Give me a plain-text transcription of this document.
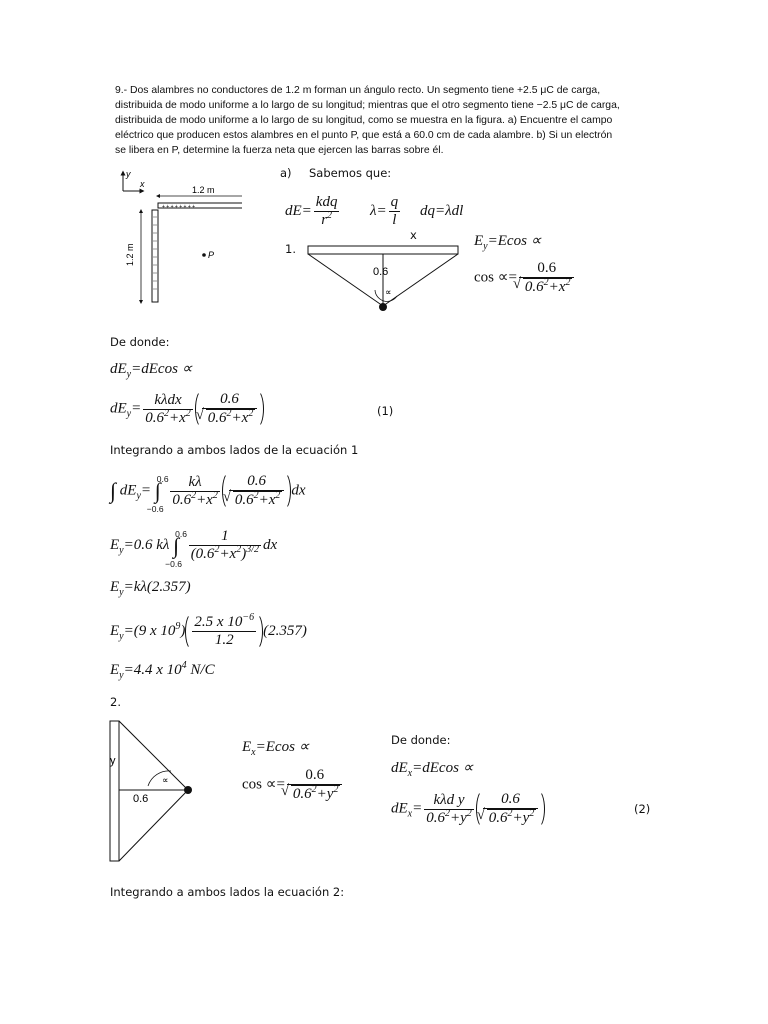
9.- Dos alambres no conductores de 1.2 m forman un ángulo recto. Un segmento tiene +2.5 μC de carga,

distribuida de modo uniforme a lo largo de su longitud; mientras que el otro segmento tiene −2.5 μC de carga,

distribuida de modo uniforme a lo largo de su longitud, como se muestra en la figura. a) Encuentre el campo

eléctrico que producen estos alambres en el punto P, que está a 60.0 cm de cada alambre. b) Si un electrón

se libera en P, determine la fuerza neta que ejercen las barras sobre él.

y
x
1.2 m
+ + + + + + + +
1.2 m	P
a) Sabemos que:
$dE= \frac{\text{kdq}}{r^2} \lambda= \frac{q}{l} dq=\lambda dl$
1.
x
0.6
∝
$E_y=Ecos$ ∝
cos ∝= 0.6
√ $0.6^2+x^2$
De donde:
$dE_y=dEcos$ ∝
$dE_y= \frac{\text{kλdx}}{0.6^2+x^2} 0.6$
√ $0.6^2+x^2$	(1)
Integrando a ambos lados de la ecuación 1
∫ $dE_y=$ ∫
0.6
−0.6

$\frac{k\lambda}{0.6^2+x^2} 0.6$
√ $0.6^2+x^2$ dx
$E_y=0.6$ kλ ∫
0.6
−0.6

$\frac{1}{(0.6^2+x^2)^{3/2}}$ dx
$E_y=k\lambda(2.357)$
$E_y=(9$ x $10^9) \frac{2.5 x 10^{-6}}{1.2} (2.357)$
$E_y=4.4$ x $10^4$ N/C
2.
y
∝
0.6
$E_x=Ecos$ ∝
cos ∝= 0.6
√ $0.6^2+y^2$
De donde:
$dE_x=dEcos$ ∝
$dE_x= \frac{\text{kλd y}}{0.6^2+y^2} 0.6$
√ $0.6^2+y^2$	(2)
Integrando a ambos lados la ecuación 2:
